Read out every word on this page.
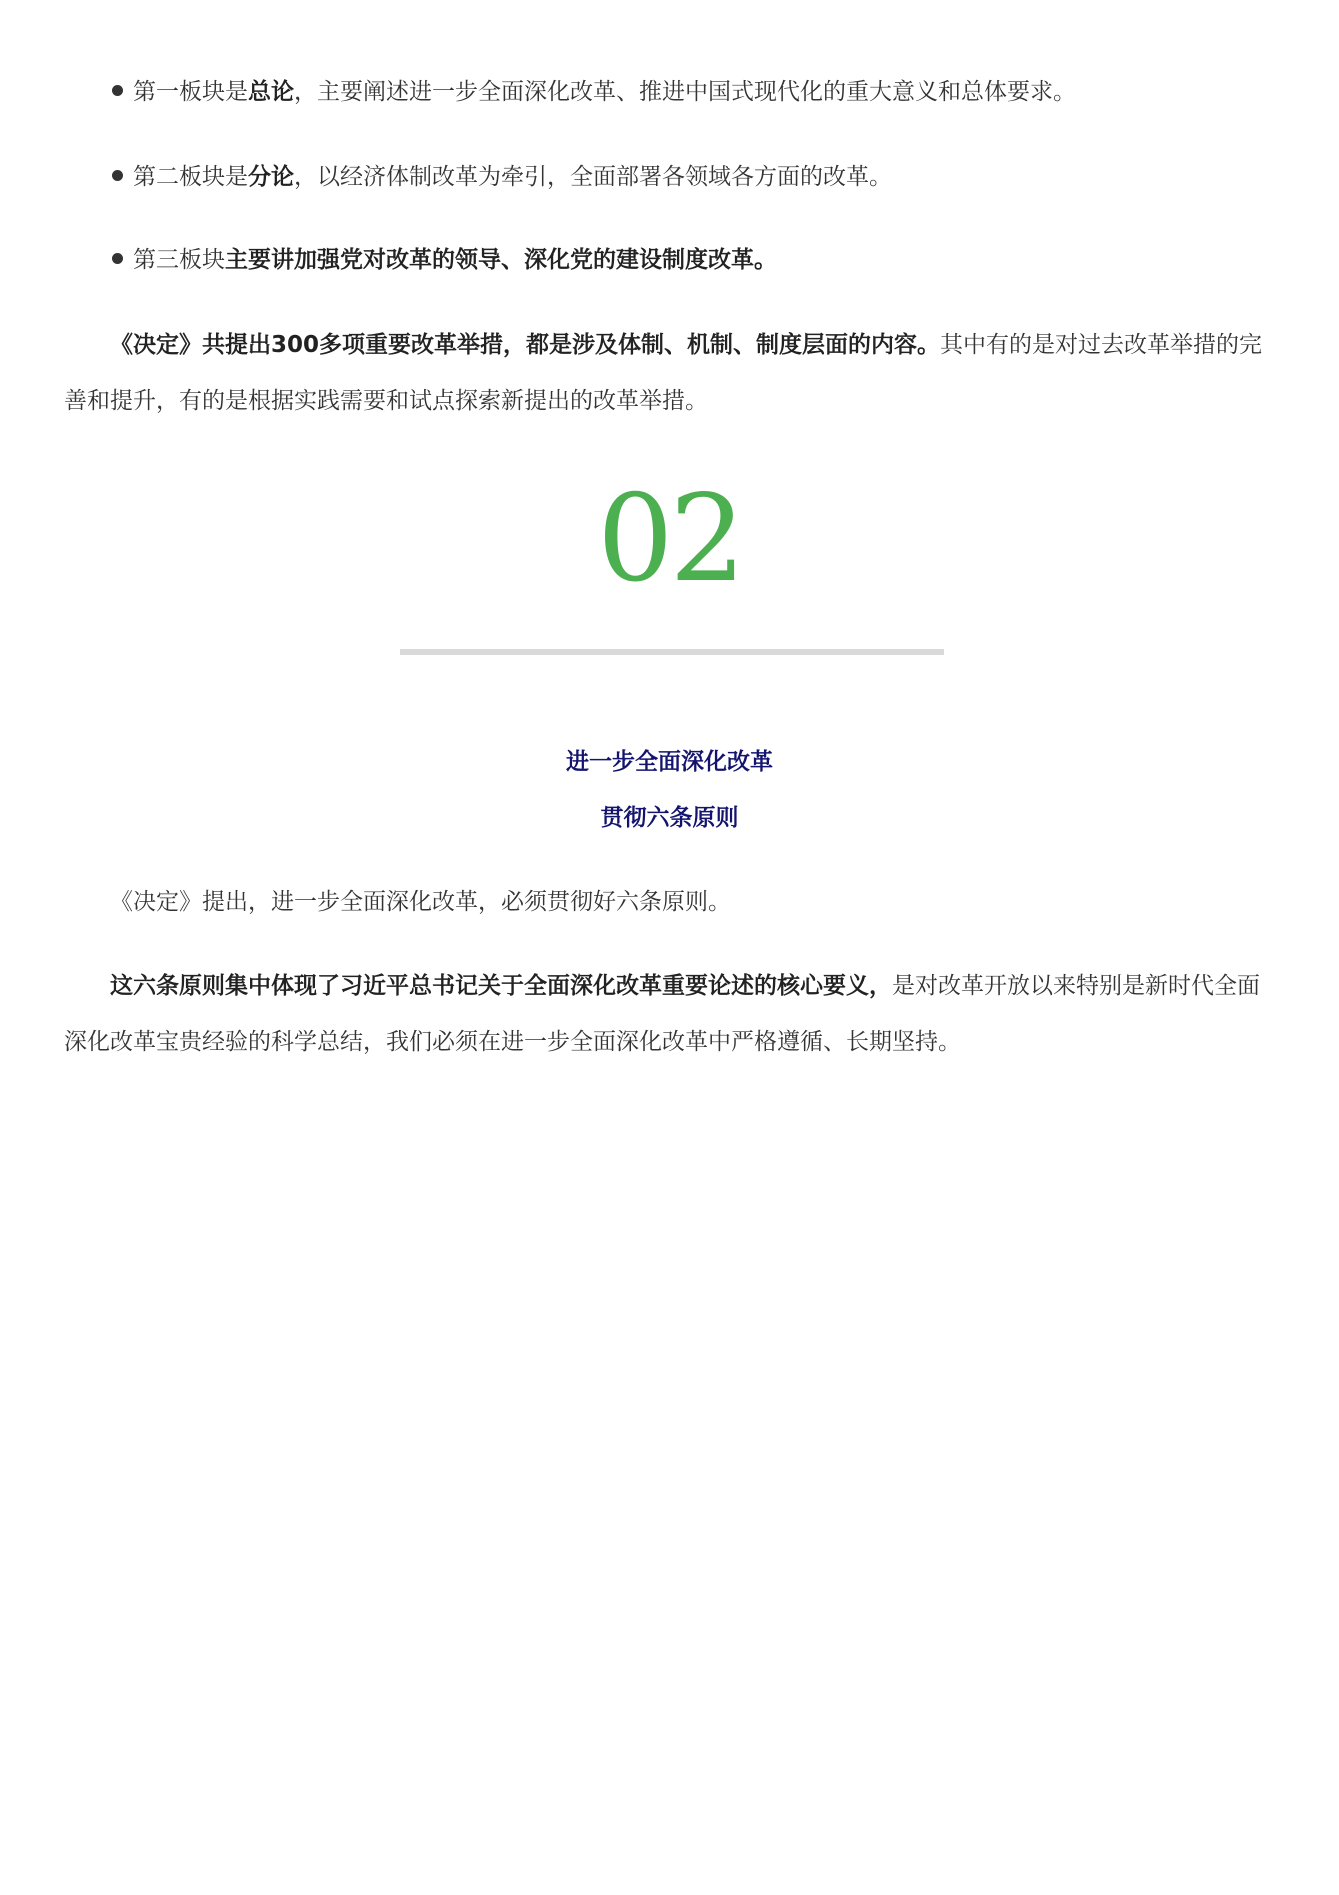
第一板块是总论，主要阐述进一步全面深化改革、推进中国式现代化的重大意义和总体要求。
第二板块是分论，以经济体制改革为牵引，全面部署各领域各方面的改革。
第三板块主要讲加强党对改革的领导、深化党的建设制度改革。
《决定》共提出300多项重要改革举措，都是涉及体制、机制、制度层面的内容。其中有的是对过去改革举措的完善和提升，有的是根据实践需要和试点探索新提出的改革举措。
02
进一步全面深化改革
贯彻六条原则
《决定》提出，进一步全面深化改革，必须贯彻好六条原则。
这六条原则集中体现了习近平总书记关于全面深化改革重要论述的核心要义，是对改革开放以来特别是新时代全面深化改革宝贵经验的科学总结，我们必须在进一步全面深化改革中严格遵循、长期坚持。
